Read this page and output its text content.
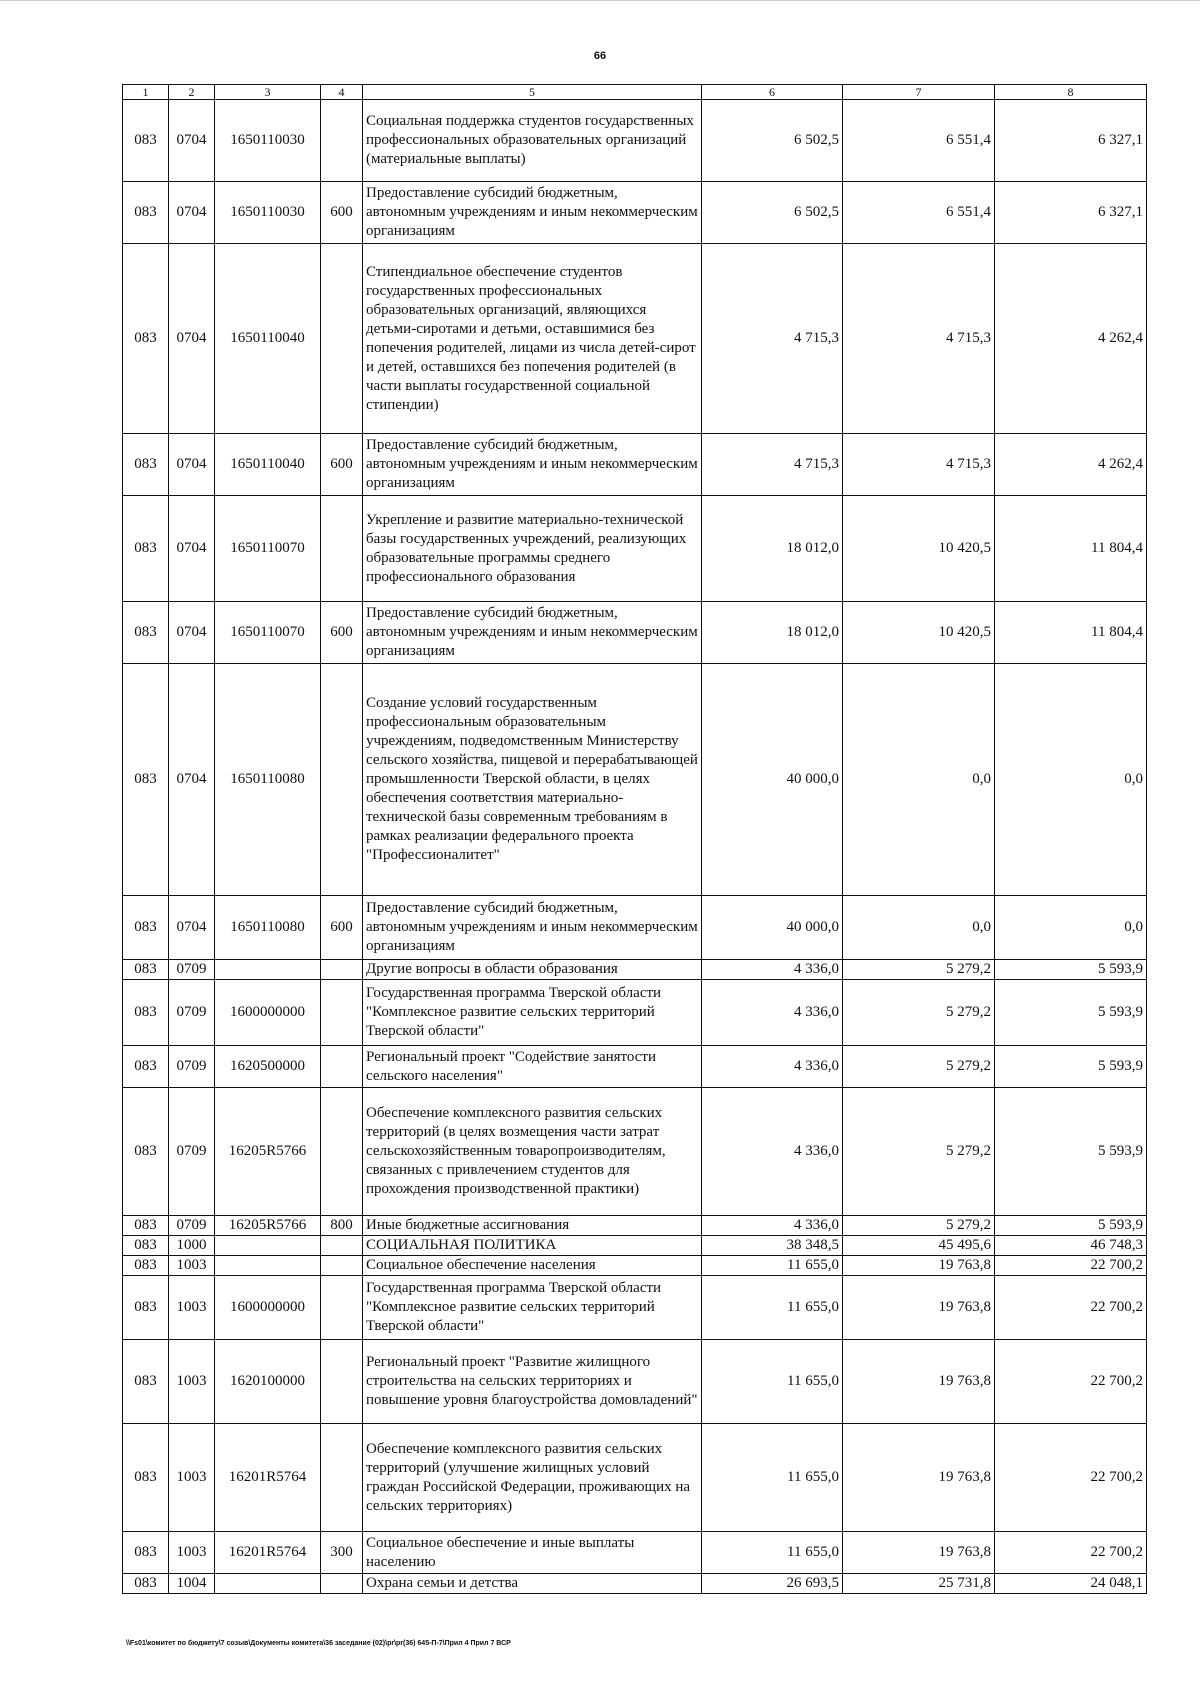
66
1	2	3	4	5	6	7	8
083	0704	1650110030		Социальная поддержка студентов государственных профессиональных образовательных организаций (материальные выплаты)	6 502,5	6 551,4	6 327,1
083	0704	1650110030	600	Предоставление субсидий бюджетным, автономным учреждениям и иным некоммерческим организациям	6 502,5	6 551,4	6 327,1
083	0704	1650110040		Стипендиальное обеспечение студентов государственных профессиональных образовательных организаций, являющихся детьми-сиротами и детьми, оставшимися без попечения родителей, лицами из числа детей-сирот и детей, оставшихся без попечения родителей (в части выплаты государственной социальной стипендии)	4 715,3	4 715,3	4 262,4
083	0704	1650110040	600	Предоставление субсидий бюджетным, автономным учреждениям и иным некоммерческим организациям	4 715,3	4 715,3	4 262,4
083	0704	1650110070		Укрепление и развитие материально-технической базы государственных учреждений, реализующих образовательные программы среднего профессионального образования	18 012,0	10 420,5	11 804,4
083	0704	1650110070	600	Предоставление субсидий бюджетным, автономным учреждениям и иным некоммерческим организациям	18 012,0	10 420,5	11 804,4
083	0704	1650110080		Создание условий государственным профессиональным образовательным учреждениям, подведомственным Министерству сельского хозяйства, пищевой и перерабатывающей промышленности Тверской области, в целях обеспечения соответствия материально-технической базы современным требованиям в рамках реализации федерального проекта "Профессионалитет"	40 000,0	0,0	0,0
083	0704	1650110080	600	Предоставление субсидий бюджетным, автономным учреждениям и иным некоммерческим организациям	40 000,0	0,0	0,0
083	0709			Другие вопросы в области образования	4 336,0	5 279,2	5 593,9
083	0709	1600000000		Государственная программа Тверской области "Комплексное развитие сельских территорий Тверской области"	4 336,0	5 279,2	5 593,9
083	0709	1620500000		Региональный проект "Содействие занятости сельского населения"	4 336,0	5 279,2	5 593,9
083	0709	16205R5766		Обеспечение комплексного развития сельских территорий (в целях возмещения части затрат сельскохозяйственным товаропроизводителям, связанных с привлечением студентов для прохождения производственной практики)	4 336,0	5 279,2	5 593,9
083	0709	16205R5766	800	Иные бюджетные ассигнования	4 336,0	5 279,2	5 593,9
083	1000			СОЦИАЛЬНАЯ ПОЛИТИКА	38 348,5	45 495,6	46 748,3
083	1003			Социальное обеспечение населения	11 655,0	19 763,8	22 700,2
083	1003	1600000000		Государственная программа Тверской области "Комплексное развитие сельских территорий Тверской области"	11 655,0	19 763,8	22 700,2
083	1003	1620100000		Региональный проект "Развитие жилищного строительства на сельских территориях и повышение уровня благоустройства домовладений"	11 655,0	19 763,8	22 700,2
083	1003	16201R5764		Обеспечение комплексного развития сельских территорий (улучшение жилищных условий граждан Российской Федерации, проживающих на сельских территориях)	11 655,0	19 763,8	22 700,2
083	1003	16201R5764	300	Социальное обеспечение и иные выплаты населению	11 655,0	19 763,8	22 700,2
083	1004			Охрана семьи и детства	26 693,5	25 731,8	24 048,1
\\Fs01\комитет по бюджету\7 созыв\Документы комитета\36 заседание (02)\pr\pr(36) 645-П-7\Прил 4 Прил 7 ВСР
